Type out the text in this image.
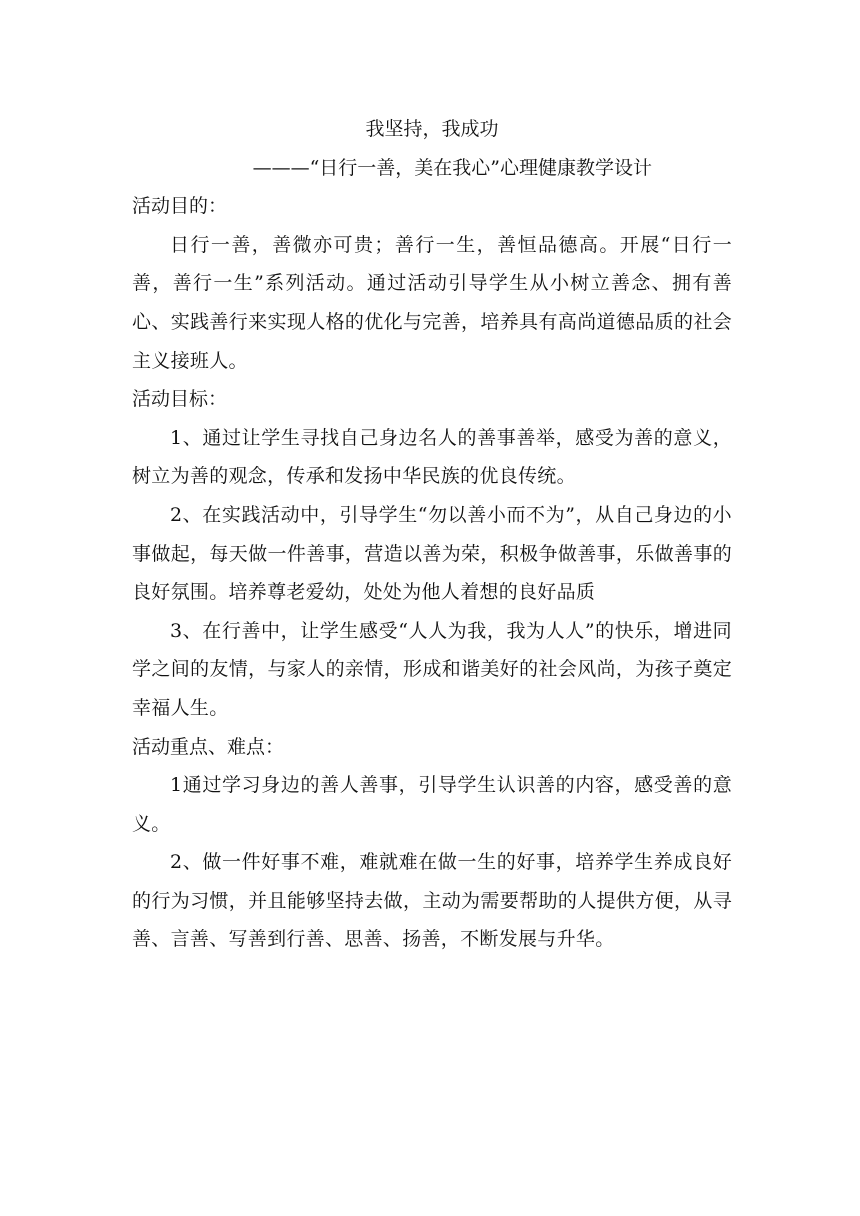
我坚持，我成功

———“日行一善，美在我心”心理健康教学设计

活动目的：

日行一善，善微亦可贵；善行一生，善恒品德高。开展“日行一善，善行一生”系列活动。通过活动引导学生从小树立善念、拥有善心、实践善行来实现人格的优化与完善，培养具有高尚道德品质的社会主义接班人。

活动目标：

1、通过让学生寻找自己身边名人的善事善举，感受为善的意义，树立为善的观念，传承和发扬中华民族的优良传统。

2、在实践活动中，引导学生“勿以善小而不为”，从自己身边的小事做起，每天做一件善事，营造以善为荣，积极争做善事，乐做善事的良好氛围。培养尊老爱幼，处处为他人着想的良好品质

3、在行善中，让学生感受“人人为我，我为人人”的快乐，增进同学之间的友情，与家人的亲情，形成和谐美好的社会风尚，为孩子奠定幸福人生。

活动重点、难点：

1通过学习身边的善人善事，引导学生认识善的内容，感受善的意义。

2、做一件好事不难，难就难在做一生的好事，培养学生养成良好的行为习惯，并且能够坚持去做，主动为需要帮助的人提供方便，从寻善、言善、写善到行善、思善、扬善，不断发展与升华。
